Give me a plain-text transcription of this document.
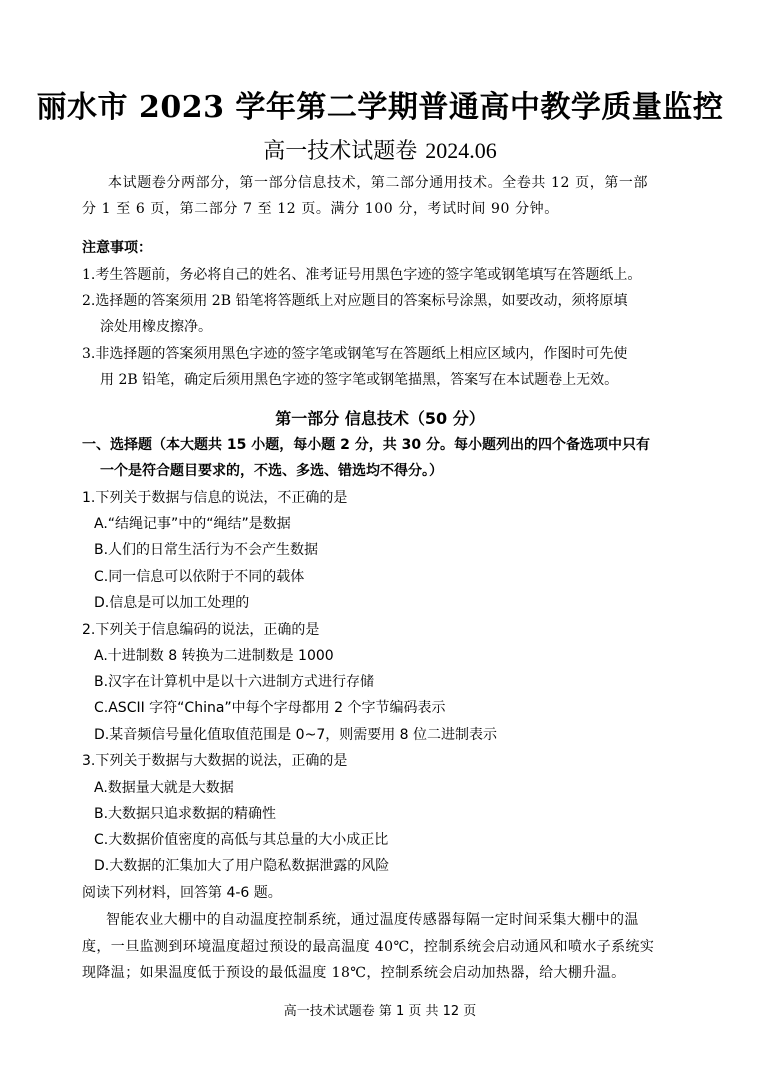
丽水市 2023 学年第二学期普通高中教学质量监控
高一技术试题卷 2024.06
本试题卷分两部分，第一部分信息技术，第二部分通用技术。全卷共 12 页，第一部
分 1 至 6 页，第二部分 7 至 12 页。满分 100 分，考试时间 90 分钟。
注意事项：
1.考生答题前，务必将自己的姓名、准考证号用黑色字迹的签字笔或钢笔填写在答题纸上。
2.选择题的答案须用 2B 铅笔将答题纸上对应题目的答案标号涂黑，如要改动，须将原填
涂处用橡皮擦净。
3.非选择题的答案须用黑色字迹的签字笔或钢笔写在答题纸上相应区域内，作图时可先使
用 2B 铅笔，确定后须用黑色字迹的签字笔或钢笔描黑，答案写在本试题卷上无效。
第一部分 信息技术（50 分）
一、选择题（本大题共 15 小题，每小题 2 分，共 30 分。每小题列出的四个备选项中只有
一个是符合题目要求的，不选、多选、错选均不得分。）
1.下列关于数据与信息的说法，不正确的是
A.“结绳记事”中的“绳结”是数据
B.人们的日常生活行为不会产生数据
C.同一信息可以依附于不同的载体
D.信息是可以加工处理的
2.下列关于信息编码的说法，正确的是
A.十进制数 8 转换为二进制数是 1000
B.汉字在计算机中是以十六进制方式进行存储
C.ASCII 字符“China”中每个字母都用 2 个字节编码表示
D.某音频信号量化值取值范围是 0~7，则需要用 8 位二进制表示
3.下列关于数据与大数据的说法，正确的是
A.数据量大就是大数据
B.大数据只追求数据的精确性
C.大数据价值密度的高低与其总量的大小成正比
D.大数据的汇集加大了用户隐私数据泄露的风险
阅读下列材料，回答第 4-6 题。
智能农业大棚中的自动温度控制系统，通过温度传感器每隔一定时间采集大棚中的温
度，一旦监测到环境温度超过预设的最高温度 40℃，控制系统会启动通风和喷水子系统实
现降温；如果温度低于预设的最低温度 18℃，控制系统会启动加热器，给大棚升温。
高一技术试题卷 第 1 页 共 12 页
